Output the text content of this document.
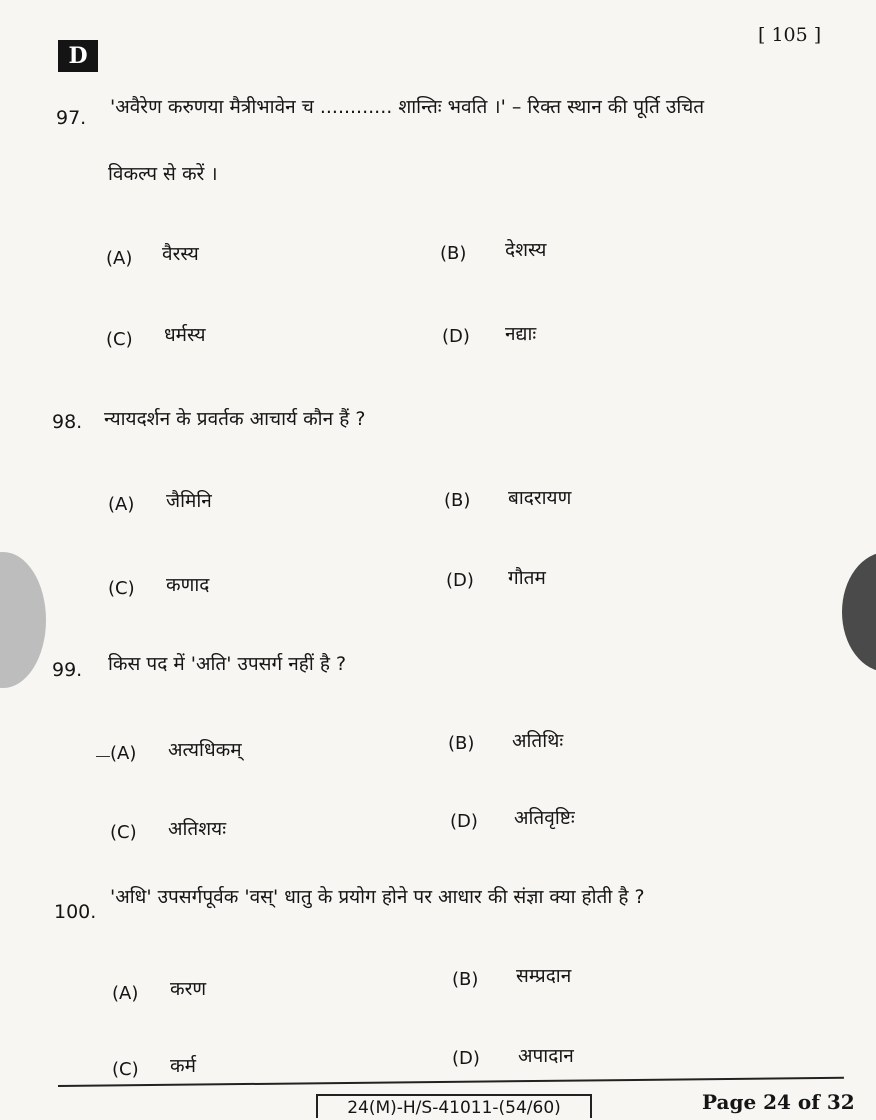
D
[ 105 ]
97. 'अवैरेण करुणया मैत्रीभावेन च ............ शान्तिः भवति ।' – रिक्त स्थान की पूर्ति उचित
विकल्प से करें ।
(A) वैरस्य	(B) देशस्य
(C) धर्मस्य	(D) नद्याः
98. न्यायदर्शन के प्रवर्तक आचार्य कौन हैं ?
(A) जैमिनि	(B) बादरायण
(C) कणाद	(D) गौतम
99. किस पद में 'अति' उपसर्ग नहीं है ?
(A) अत्यधिकम्	(B) अतिथिः
(C) अतिशयः	(D) अतिवृष्टिः
100.
'अधि' उपसर्गपूर्वक 'वस्' धातु के प्रयोग होने पर आधार की संज्ञा क्या होती है ?
(A) करण	(B) सम्प्रदान
(C) कर्म	(D) अपादान
24(M)-H/S-41011-(54/60)	Page 24 of 32
